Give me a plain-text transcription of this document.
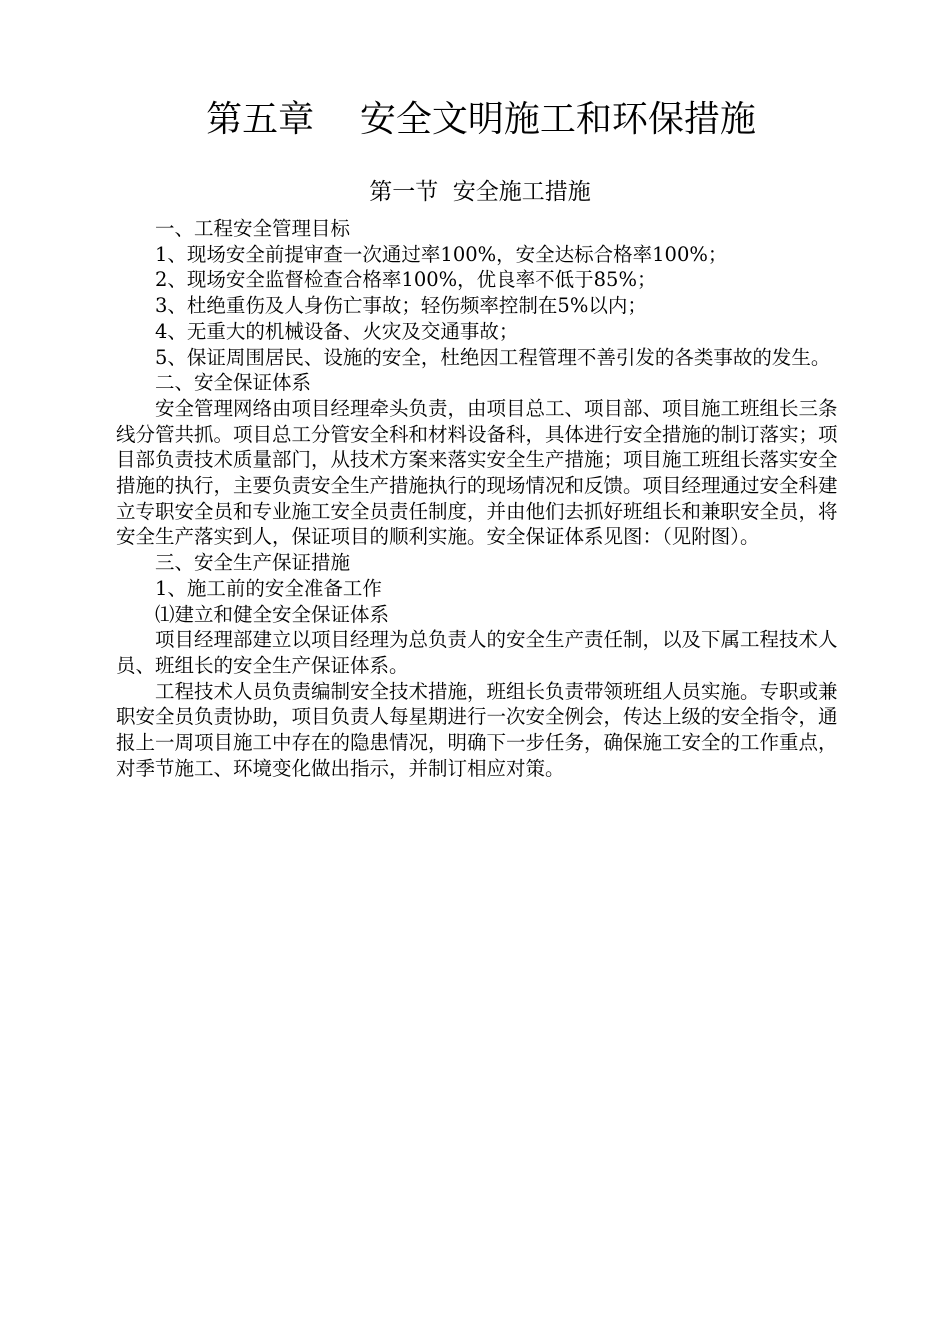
第五章    安全文明施工和环保措施
第一节  安全施工措施

一、工程安全管理目标

1、现场安全前提审查一次通过率100%，安全达标合格率100%；

2、现场安全监督检查合格率100%，优良率不低于85%；

3、杜绝重伤及人身伤亡事故；轻伤频率控制在5%以内；

4、无重大的机械设备、火灾及交通事故；

5、保证周围居民、设施的安全，杜绝因工程管理不善引发的各类事故的发生。

二、安全保证体系

安全管理网络由项目经理牵头负责，由项目总工、项目部、项目施工班组长三条线分管共抓。项目总工分管安全科和材料设备科，具体进行安全措施的制订落实；项目部负责技术质量部门，从技术方案来落实安全生产措施；项目施工班组长落实安全措施的执行，主要负责安全生产措施执行的现场情况和反馈。项目经理通过安全科建立专职安全员和专业施工安全员责任制度，并由他们去抓好班组长和兼职安全员，将安全生产落实到人，保证项目的顺利实施。安全保证体系见图：（见附图）。

三、安全生产保证措施

1、施工前的安全准备工作

⑴建立和健全安全保证体系

项目经理部建立以项目经理为总负责人的安全生产责任制，以及下属工程技术人员、班组长的安全生产保证体系。

工程技术人员负责编制安全技术措施，班组长负责带领班组人员实施。专职或兼职安全员负责协助，项目负责人每星期进行一次安全例会，传达上级的安全指令，通报上一周项目施工中存在的隐患情况，明确下一步任务，确保施工安全的工作重点，对季节施工、环境变化做出指示，并制订相应对策。
